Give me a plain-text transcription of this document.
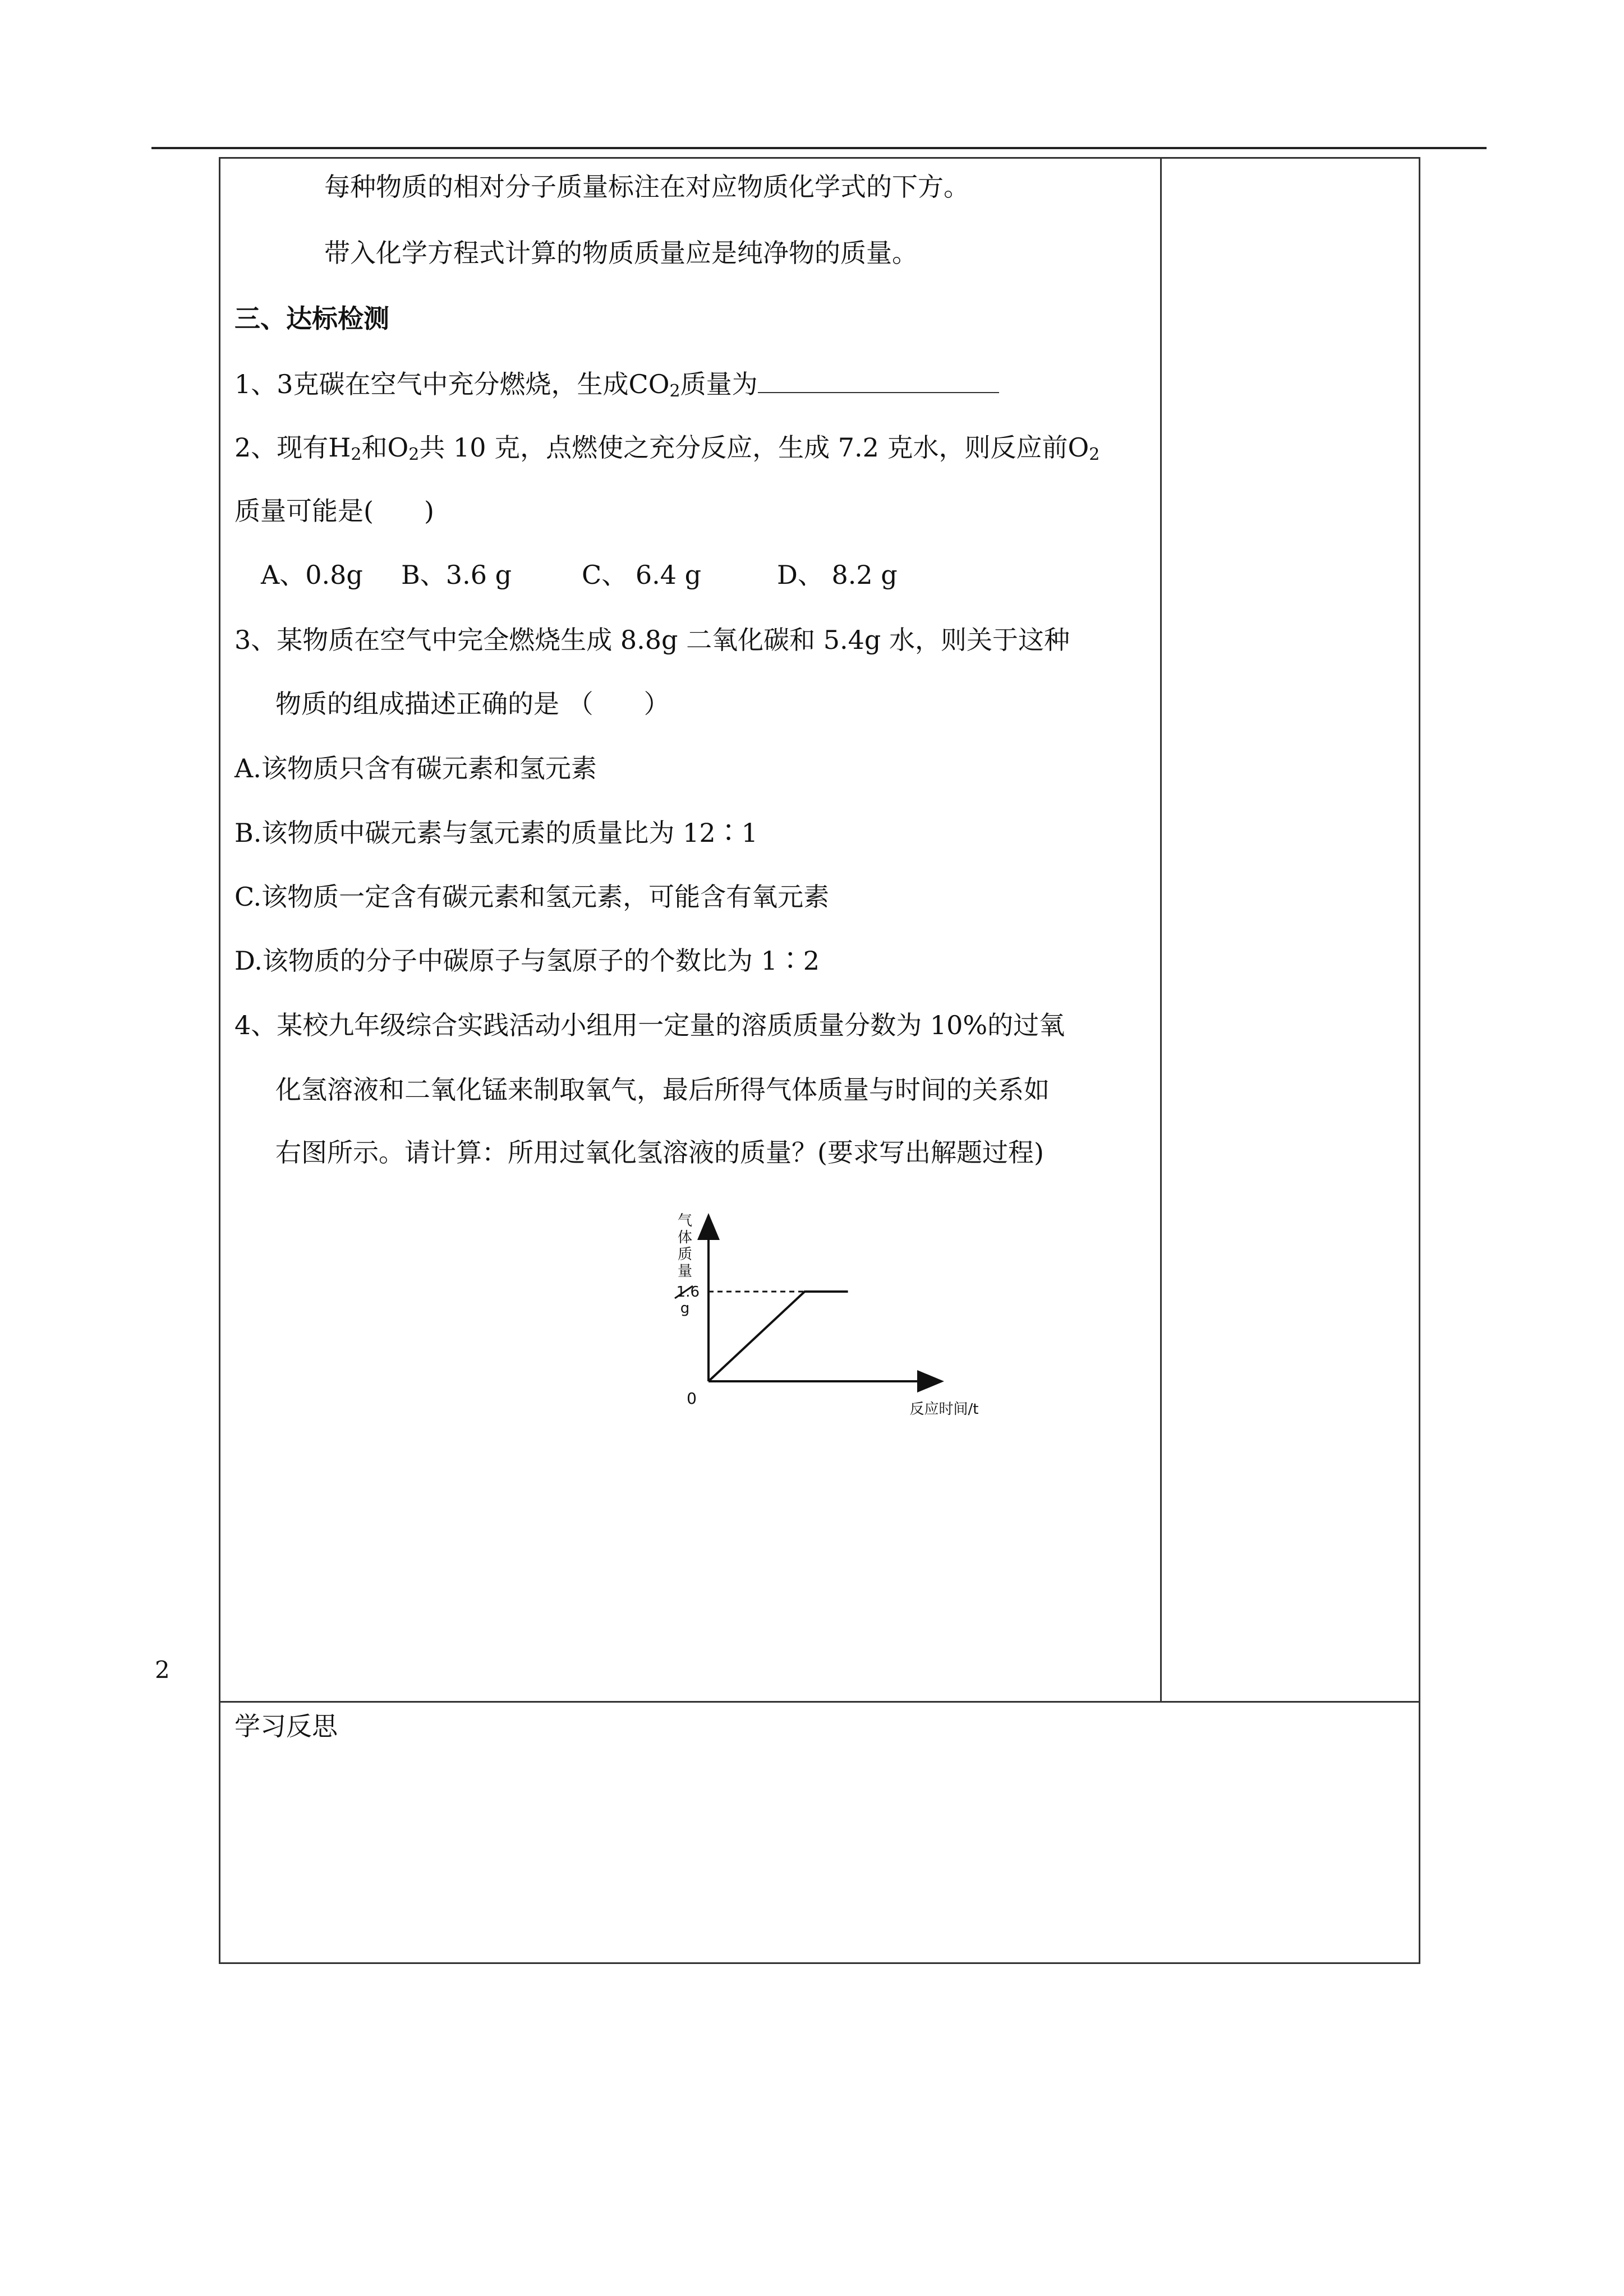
每种物质的相对分子质量标注在对应物质化学式的下方。
带入化学方程式计算的物质质量应是纯净物的质量。
三、达标检测
1、3克碳在空气中充分燃烧，生成$CO_2$质量为
2、现有$H_2$和$O_2$共 10 克，点燃使之充分反应，生成 7.2 克水，则反应前$O_2$
质量可能是( )
A、0.8g B、3.6 g	C、 6.4 g	D、 8.2 g
3、某物质在空气中完全燃烧生成 8.8g 二氧化碳和 5.4g 水，则关于这种
物质的组成描述正确的是 （ ）
A.该物质只含有碳元素和氢元素
B.该物质中碳元素与氢元素的质量比为 12∶1
C.该物质一定含有碳元素和氢元素，可能含有氧元素
D.该物质的分子中碳原子与氢原子的个数比为 1∶2
4、某校九年级综合实践活动小组用一定量的溶质质量分数为 10%的过氧
化氢溶液和二氧化锰来制取氧气，最后所得气体质量与时间的关系如
右图所示。请计算：所用过氧化氢溶液的质量？(要求写出解题过程)
气
体
质
量
g
1.6
0
反应时间/t
学习反思
2
